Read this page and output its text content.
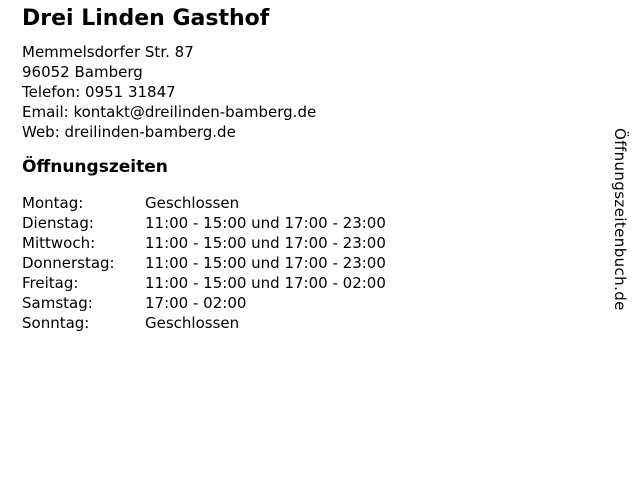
Drei Linden Gasthof
Memmelsdorfer Str. 87
96052 Bamberg
Telefon: 0951 31847
Email: kontakt@dreilinden-bamberg.de
Web: dreilinden-bamberg.de
Öffnungszeiten
Montag:	Geschlossen
Dienstag:	11:00 - 15:00 und 17:00 - 23:00
Mittwoch:	11:00 - 15:00 und 17:00 - 23:00
Donnerstag:	11:00 - 15:00 und 17:00 - 23:00
Freitag:	11:00 - 15:00 und 17:00 - 02:00
Samstag:	17:00 - 02:00
Sonntag:	Geschlossen
Öffnungszeitenbuch.de
